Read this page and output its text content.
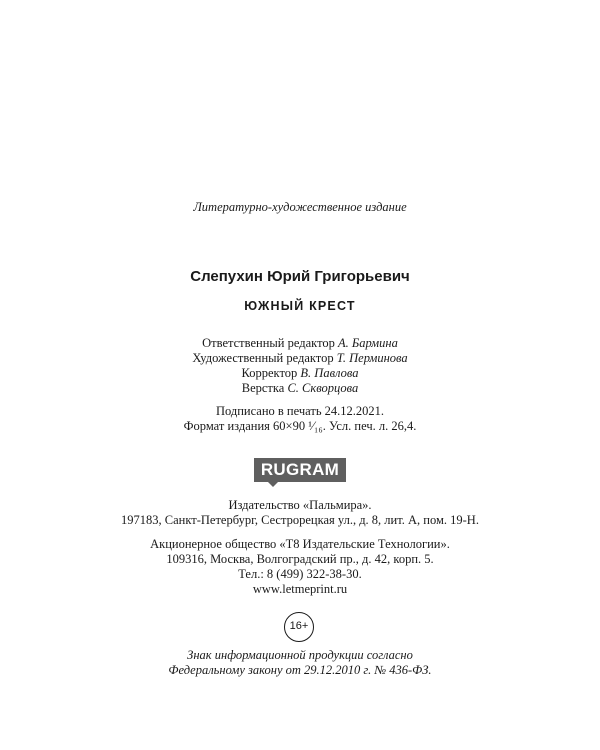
Литературно-художественное издание
Слепухин Юрий Григорьевич
ЮЖНЫЙ КРЕСТ
Ответственный редактор А. Бармина
Художественный редактор Т. Перминова
Корректор В. Павлова
Верстка С. Скворцова
Подписано в печать 24.12.2021.
Формат издания 60×90 ¹⁄₁₆. Усл. печ. л. 26,4.
RUGRAM
Издательство «Пальмира».
197183, Санкт-Петербург, Сестрорецкая ул., д. 8, лит. А, пом. 19-Н.
Акционерное общество «Т8 Издательские Технологии».
109316, Москва, Волгоградский пр., д. 42, корп. 5.
Тел.: 8 (499) 322-38-30.
www.letmeprint.ru
16+
Знак информационной продукции согласно
Федеральному закону от 29.12.2010 г. № 436-ФЗ.
